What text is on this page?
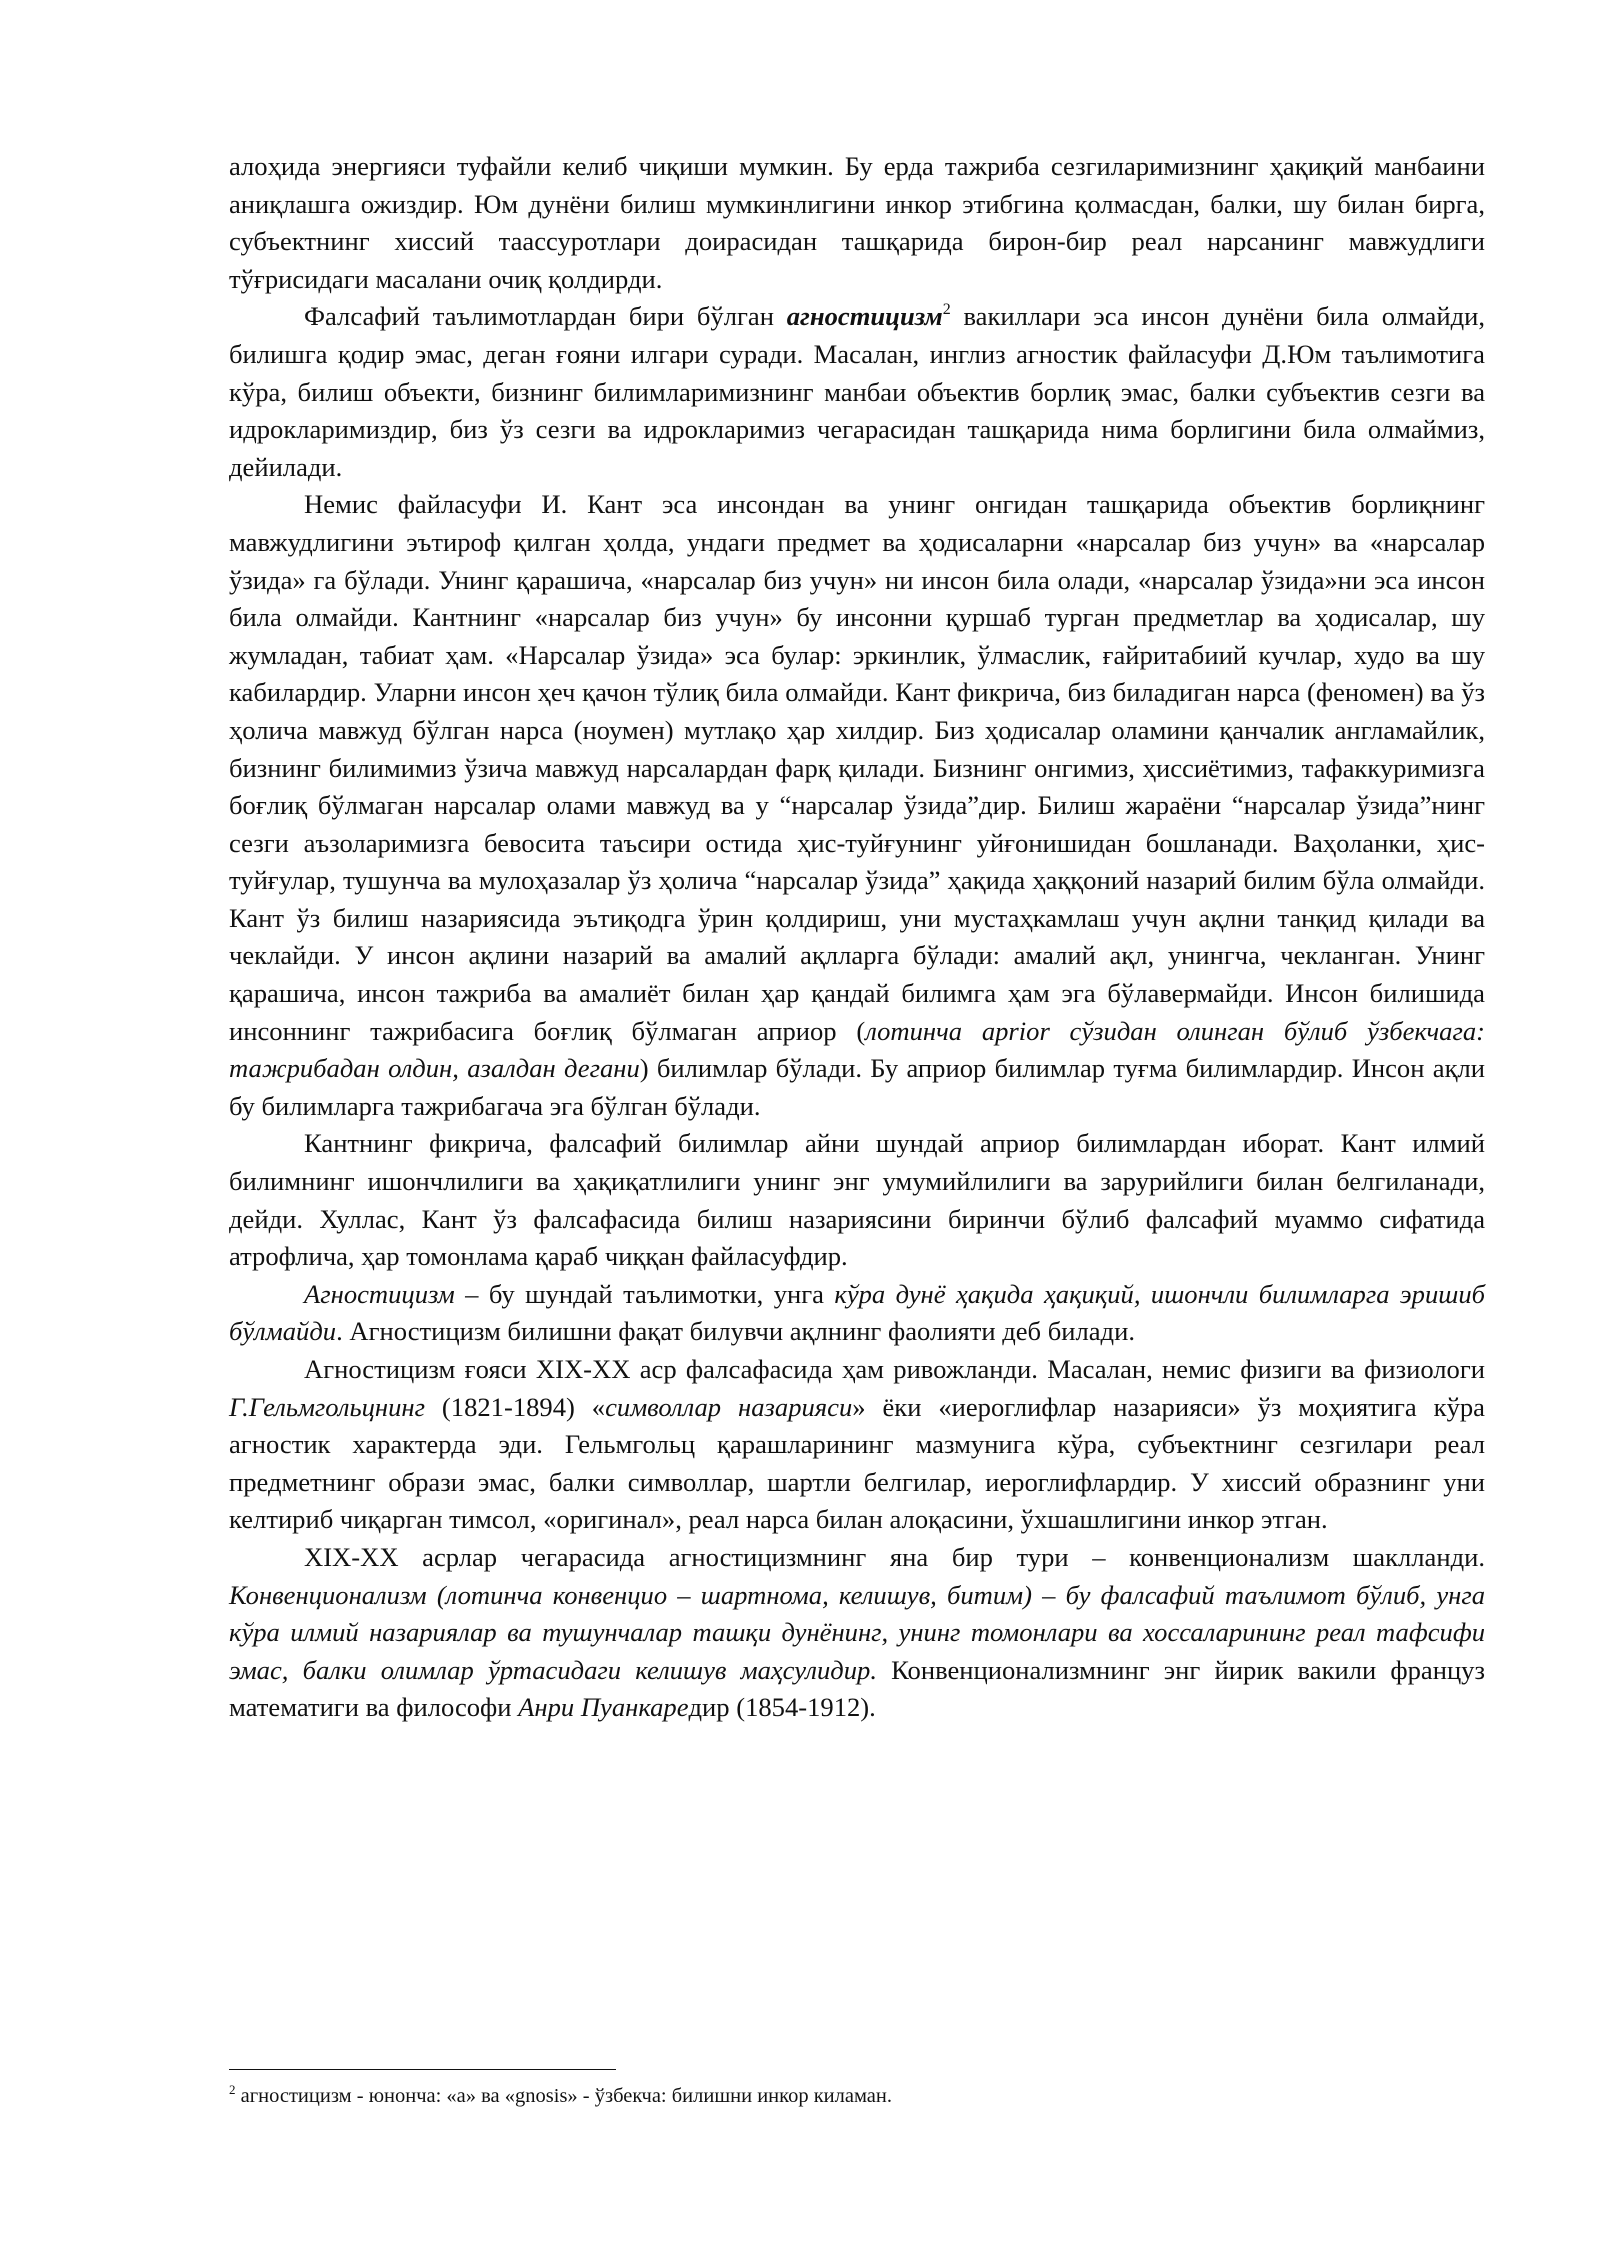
алоҳида энергияси туфайли келиб чиқиши мумкин. Бу ерда тажриба сезгиларимизнинг ҳақиқий манбаини аниқлашга ожиздир. Юм дунёни билиш мумкинлигини инкор этибгина қолмасдан, балки, шу билан бирга, субъектнинг хиссий таассуротлари доирасидан ташқарида бирон-бир реал нарсанинг мавжудлиги тўғрисидаги масалани очиқ қолдирди.

Фалсафий таълимотлардан бири бўлган агностицизм$^2$ вакиллари эса инсон дунёни била олмайди, билишга қодир эмас, деган ғояни илгари суради. Масалан, инглиз агностик файласуфи Д.Юм таълимотига кўра, билиш объекти, бизнинг билимларимизнинг манбаи объектив борлиқ эмас, балки субъектив сезги ва идрокларимиздир, биз ўз сезги ва идрокларимиз чегарасидан ташқарида нима борлигини била олмаймиз, дейилади.

Немис файласуфи И. Кант эса инсондан ва унинг онгидан ташқарида объектив борлиқнинг мавжудлигини эътироф қилган ҳолда, ундаги предмет ва ҳодисаларни «нарсалар биз учун» ва «нарсалар ўзида» га бўлади. Унинг қарашича, «нарсалар биз учун» ни инсон била олади, «нарсалар ўзида»ни эса инсон била олмайди. Кантнинг «нарсалар биз учун» бу инсонни қуршаб турган предметлар ва ҳодисалар, шу жумладан, табиат ҳам. «Нарсалар ўзида» эса булар: эркинлик, ўлмаслик, ғайритабиий кучлар, худо ва шу кабилардир. Уларни инсон ҳеч қачон тўлиқ била олмайди. Кант фикрича, биз биладиган нарса (феномен) ва ўз ҳолича мавжуд бўлган нарса (ноумен) мутлақо ҳар хилдир. Биз ҳодисалар оламини қанчалик англамайлик, бизнинг билимимиз ўзича мавжуд нарсалардан фарқ қилади. Бизнинг онгимиз, ҳиссиётимиз, тафаккуримизга боғлиқ бўлмаган нарсалар олами мавжуд ва у “нарсалар ўзида”дир. Билиш жараёни “нарсалар ўзида”нинг сезги аъзоларимизга бевосита таъсири остида ҳис-туйғунинг уйғонишидан бошланади. Ваҳоланки, ҳис-туйғулар, тушунча ва мулоҳазалар ўз ҳолича “нарсалар ўзида” ҳақида ҳаққоний назарий билим бўла олмайди. Кант ўз билиш назариясида эътиқодга ўрин қолдириш, уни мустаҳкамлаш учун ақлни танқид қилади ва чеклайди. У инсон ақлини назарий ва амалий ақлларга бўлади: амалий ақл, унингча, чекланган. Унинг қарашича, инсон тажриба ва амалиёт билан ҳар қандай билимга ҳам эга бўлавермайди. Инсон билишида инсоннинг тажрибасига боғлиқ бўлмаган априор (лотинча aprior сўзидан олинган бўлиб ўзбекчага: тажрибадан олдин, азалдан дегани) билимлар бўлади. Бу априор билимлар туғма билимлардир. Инсон ақли бу билимларга тажрибагача эга бўлган бўлади.

Кантнинг фикрича, фалсафий билимлар айни шундай априор билимлардан иборат. Кант илмий билимнинг ишончлилиги ва ҳақиқатлилиги унинг энг умумийлилиги ва зарурийлиги билан белгиланади, дейди. Хуллас, Кант ўз фалсафасида билиш назариясини биринчи бўлиб фалсафий муаммо сифатида атрофлича, ҳар томонлама қараб чиққан файласуфдир.

Агностицизм – бу шундай таълимотки, унга кўра дунё ҳақида ҳақиқий, ишончли билимларга эришиб бўлмайди. Агностицизм билишни фақат билувчи ақлнинг фаолияти деб билади.

Агностицизм ғояси XIX-XX аср фалсафасида ҳам ривожланди. Масалан, немис физиги ва физиологи Г.Гельмгольцнинг (1821-1894) «символлар назарияси» ёки «иероглифлар назарияси» ўз моҳиятига кўра агностик характерда эди. Гельмгольц қарашларининг мазмунига кўра, субъектнинг сезгилари реал предметнинг образи эмас, балки символлар, шартли белгилар, иероглифлардир. У хиссий образнинг уни келтириб чиқарган тимсол, «оригинал», реал нарса билан алоқасини, ўхшашлигини инкор этган.

XIX-XX асрлар чегарасида агностицизмнинг яна бир тури – конвенционализм шаклланди. Конвенционализм (лотинча конвенцио – шартнома, келишув, битим) – бу фалсафий таълимот бўлиб, унга кўра илмий назариялар ва тушунчалар ташқи дунёнинг, унинг томонлари ва хоссаларининг реал тафсифи эмас, балки олимлар ўртасидаги келишув маҳсулидир. Конвенционализмнинг энг йирик вакили француз математиги ва философи Анри Пуанкаредир (1854-1912).

$^2$ агностицизм - юнонча: «а» ва «gnosis» - ўзбекча: билишни инкор киламан.
